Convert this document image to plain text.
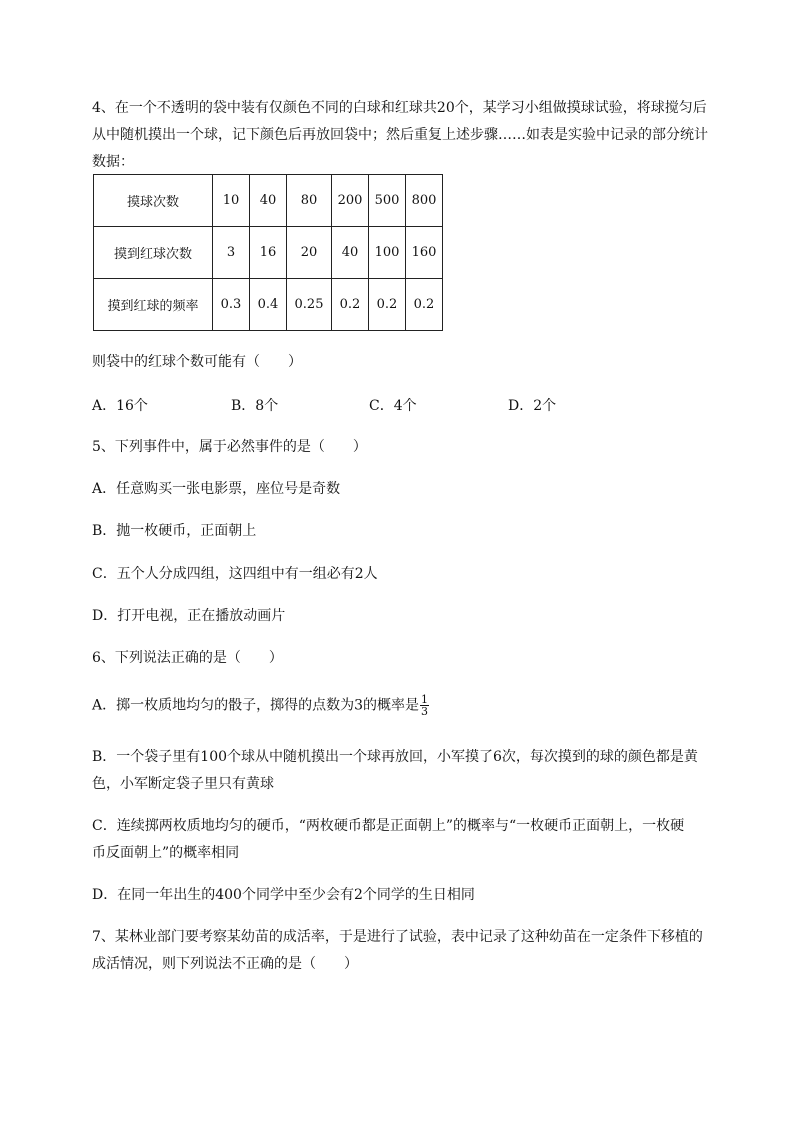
4、在一个不透明的袋中装有仅颜色不同的白球和红球共20个，某学习小组做摸球试验，将球搅匀后
从中随机摸出一个球，记下颜色后再放回袋中；然后重复上述步骤……如表是实验中记录的部分统计
数据：
摸球次数	10	40	80	200	500	800
摸到红球次数	3	16	20	40	100	160
摸到红球的频率	0.3	0.4	0.25	0.2	0.2	0.2
则袋中的红球个数可能有（　　）
A．16个	B．8个	C．4个	D．2个
5、下列事件中，属于必然事件的是（　　）
A．任意购买一张电影票，座位号是奇数
B．抛一枚硬币，正面朝上
C．五个人分成四组，这四组中有一组必有2人
D．打开电视，正在播放动画片
6、下列说法正确的是（　　）
A．掷一枚质地均匀的骰子，掷得的点数为3的概率是 $\frac{1}{3}$
B．一个袋子里有100个球从中随机摸出一个球再放回，小军摸了6次，每次摸到的球的颜色都是黄
色，小军断定袋子里只有黄球
C．连续掷两枚质地均匀的硬币，“两枚硬币都是正面朝上”的概率与“一枚硬币正面朝上，一枚硬
币反面朝上”的概率相同
D．在同一年出生的400个同学中至少会有2个同学的生日相同
7、某林业部门要考察某幼苗的成活率，于是进行了试验，表中记录了这种幼苗在一定条件下移植的
成活情况，则下列说法不正确的是（　　）
